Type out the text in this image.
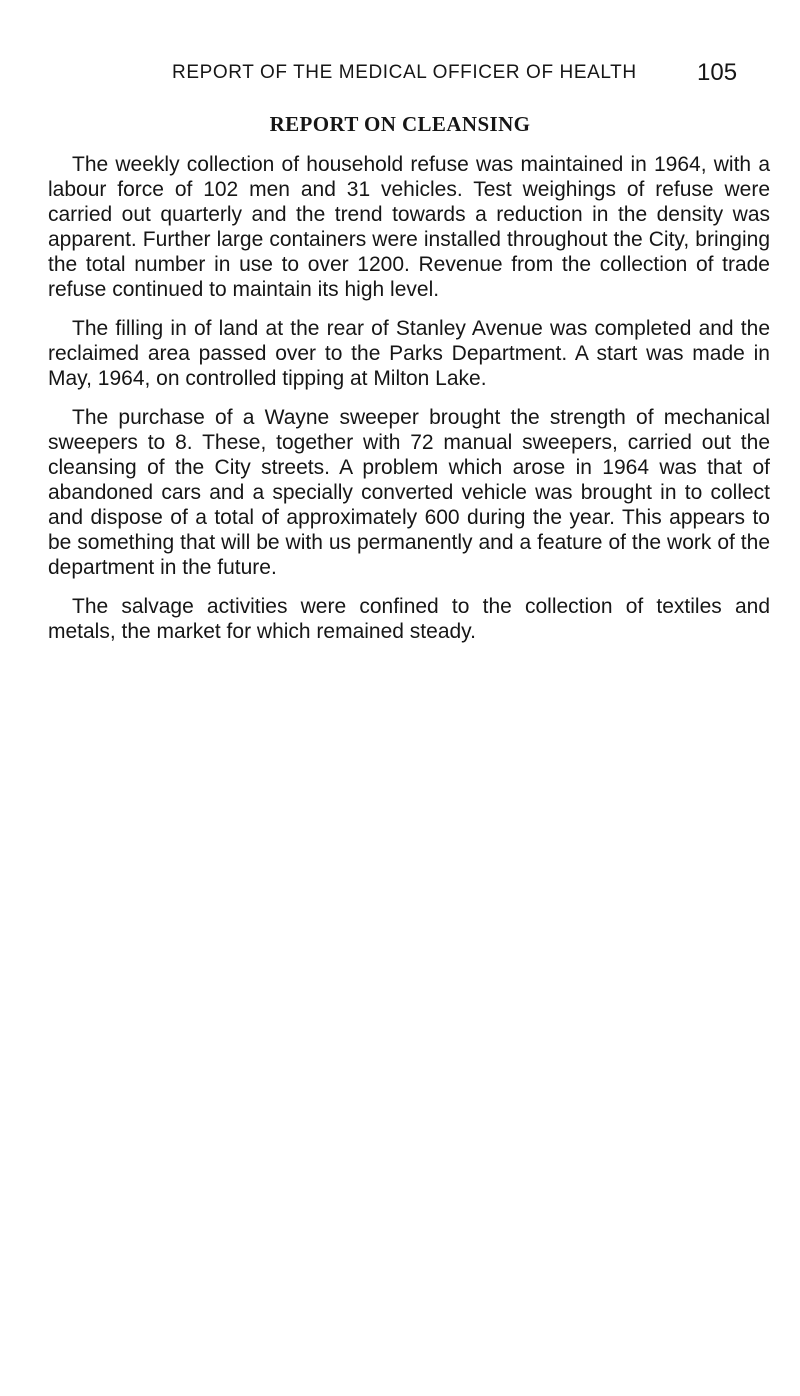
REPORT OF THE MEDICAL OFFICER OF HEALTH	105
REPORT ON CLEANSING

The weekly collection of household refuse was maintained in 1964, with a labour force of 102 men and 31 vehicles. Test weighings of refuse were carried out quarterly and the trend towards a reduction in the density was apparent. Further large containers were installed throughout the City, bringing the total number in use to over 1200. Revenue from the collection of trade refuse continued to maintain its high level.

The filling in of land at the rear of Stanley Avenue was completed and the reclaimed area passed over to the Parks Department. A start was made in May, 1964, on controlled tipping at Milton Lake.

The purchase of a Wayne sweeper brought the strength of mechanical sweepers to 8. These, together with 72 manual sweepers, carried out the cleansing of the City streets. A problem which arose in 1964 was that of abandoned cars and a specially converted vehicle was brought in to collect and dispose of a total of approximately 600 during the year. This appears to be something that will be with us permanently and a feature of the work of the department in the future.

The salvage activities were confined to the collection of textiles and metals, the market for which remained steady.
